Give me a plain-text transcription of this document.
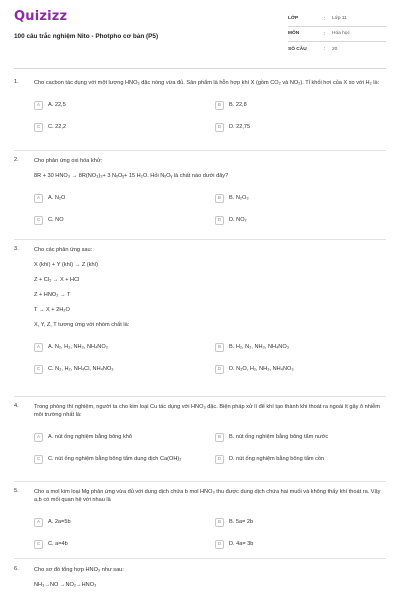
Quizizz
100 câu trắc nghiệm Nito - Photpho cơ bản (P5)
LỚP	:	Lớp 11
MÔN	:	Hóa học
SỐ CÂU	:	20
1.	Cho cacbon tác dụng với một lượng HNO₃ đặc nóng vừa đủ. Sản phẩm là hỗn hợp khí X (gồm CO₂ và NO₂). Tỉ khối hơi của X so với H₂ là:
A	A. 22,5	B	B. 22,8
C	C. 22,2	D	D. 22,75
2.	Cho phản ứng oxi hóa khử:
8R + 30 HNO₃ → 8R(NO₃)₃+ 3 NₓOᵧ+ 15 H₂O. Hỏi NₓOᵧ là chất nào dưới đây?
A	A. N₂O	B	B. N₂O₃
C	C. NO	D	D. NO₂
3.	Cho các phản ứng sau:
X (khí) + Y (khí) → Z (khí)
Z + Cl₂ → X + HCl
Z + HNO₂ → T
T → X + 2H₂O
X, Y, Z, T tương ứng với nhóm chất là:
A	A. N₂, H₂, NH₃, NH₄NO₂	B	B. H₂, N₂, NH₃, NH₄NO₃
C	C. N₂, H₂, NH₄Cl, NH₄NO₃	D	D. N₂O, H₂, NH₃, NH₄NO₃
4.	Trong phòng thí nghiệm, người ta cho kim loại Cu tác dụng với HNO₃ đặc. Biện pháp xử lí để khí tạo thành khi thoát ra ngoài ít gây ô nhiễm môi trường nhất là:
A	A. nút ống nghiệm bằng bông khô	B	B. nút ống nghiệm bằng bông tẩm nước
C	C. nút ống nghiệm bằng bông tẩm dung dịch Ca(OH)₂	D	D. nút ống nghiệm bằng bông tẩm cồn
5.	Cho a mol kim loại Mg phản ứng vừa đủ với dung dịch chứa b mol HNO₃ thu được dung dịch chứa hai muối và không thấy khí thoát ra. Vậy a,b có mối quan hệ với nhau là
A	A. 2a=5b	B	B. 5a= 2b
C	C. a=4b	D	D. 4a= 3b
6.	Cho sơ đồ tổng hợp HNO₃ như sau:
NH₃→NO →NO₂→HNO₃
